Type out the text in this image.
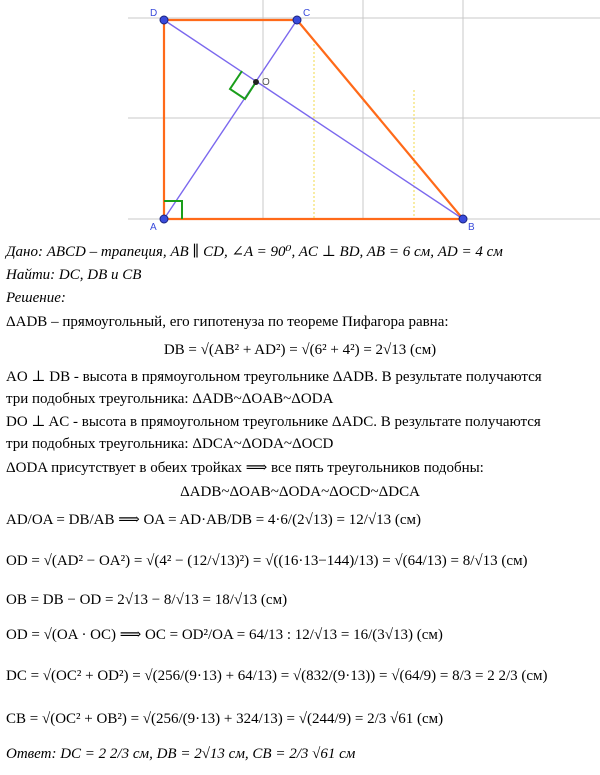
D	C
O
A	B
Дано: ABCD – трапеция, AB ∥ CD, ∠A = 90⁰, AC ⊥ BD, AB = 6 см, AD = 4 см
Найти: DC, DB и CB
Решение:
ΔADB – прямоугольный, его гипотенуза по теореме Пифагора равна:
DB = √(AB² + AD²) = √(6² + 4²) = 2√13 (см)
AO ⊥ DB - высота в прямоугольном треугольнике ΔADB. В результате получаются
три подобных треугольника: ΔADB~ΔOAB~ΔODA
DO ⊥ AC - высота в прямоугольном треугольнике ΔADC. В результате получаются
три подобных треугольника: ΔDCA~ΔODA~ΔOCD
ΔODA присутствует в обеих тройках ⟹ все пять треугольников подобны:
ΔADB~ΔOAB~ΔODA~ΔOCD~ΔDCA
AD/OA = DB/AB ⟹ OA = AD·AB/DB = 4·6/(2√13) = 12/√13 (см)
OD = √(AD² − OA²) = √(4² − (12/√13)²) = √((16·13−144)/13) = √(64/13) = 8/√13 (см)
OB = DB − OD = 2√13 − 8/√13 = 18/√13 (см)
OD = √(OA · OC) ⟹ OC = OD²/OA = 64/13 : 12/√13 = 16/(3√13) (см)
DC = √(OC² + OD²) = √(256/(9·13) + 64/13) = √(832/(9·13)) = √(64/9) = 8/3 = 2 2/3 (см)
CB = √(OC² + OB²) = √(256/(9·13) + 324/13) = √(244/9) = 2/3 √61 (см)
Ответ: DC = 2 2/3 см, DB = 2√13 см, CB = 2/3 √61 см
